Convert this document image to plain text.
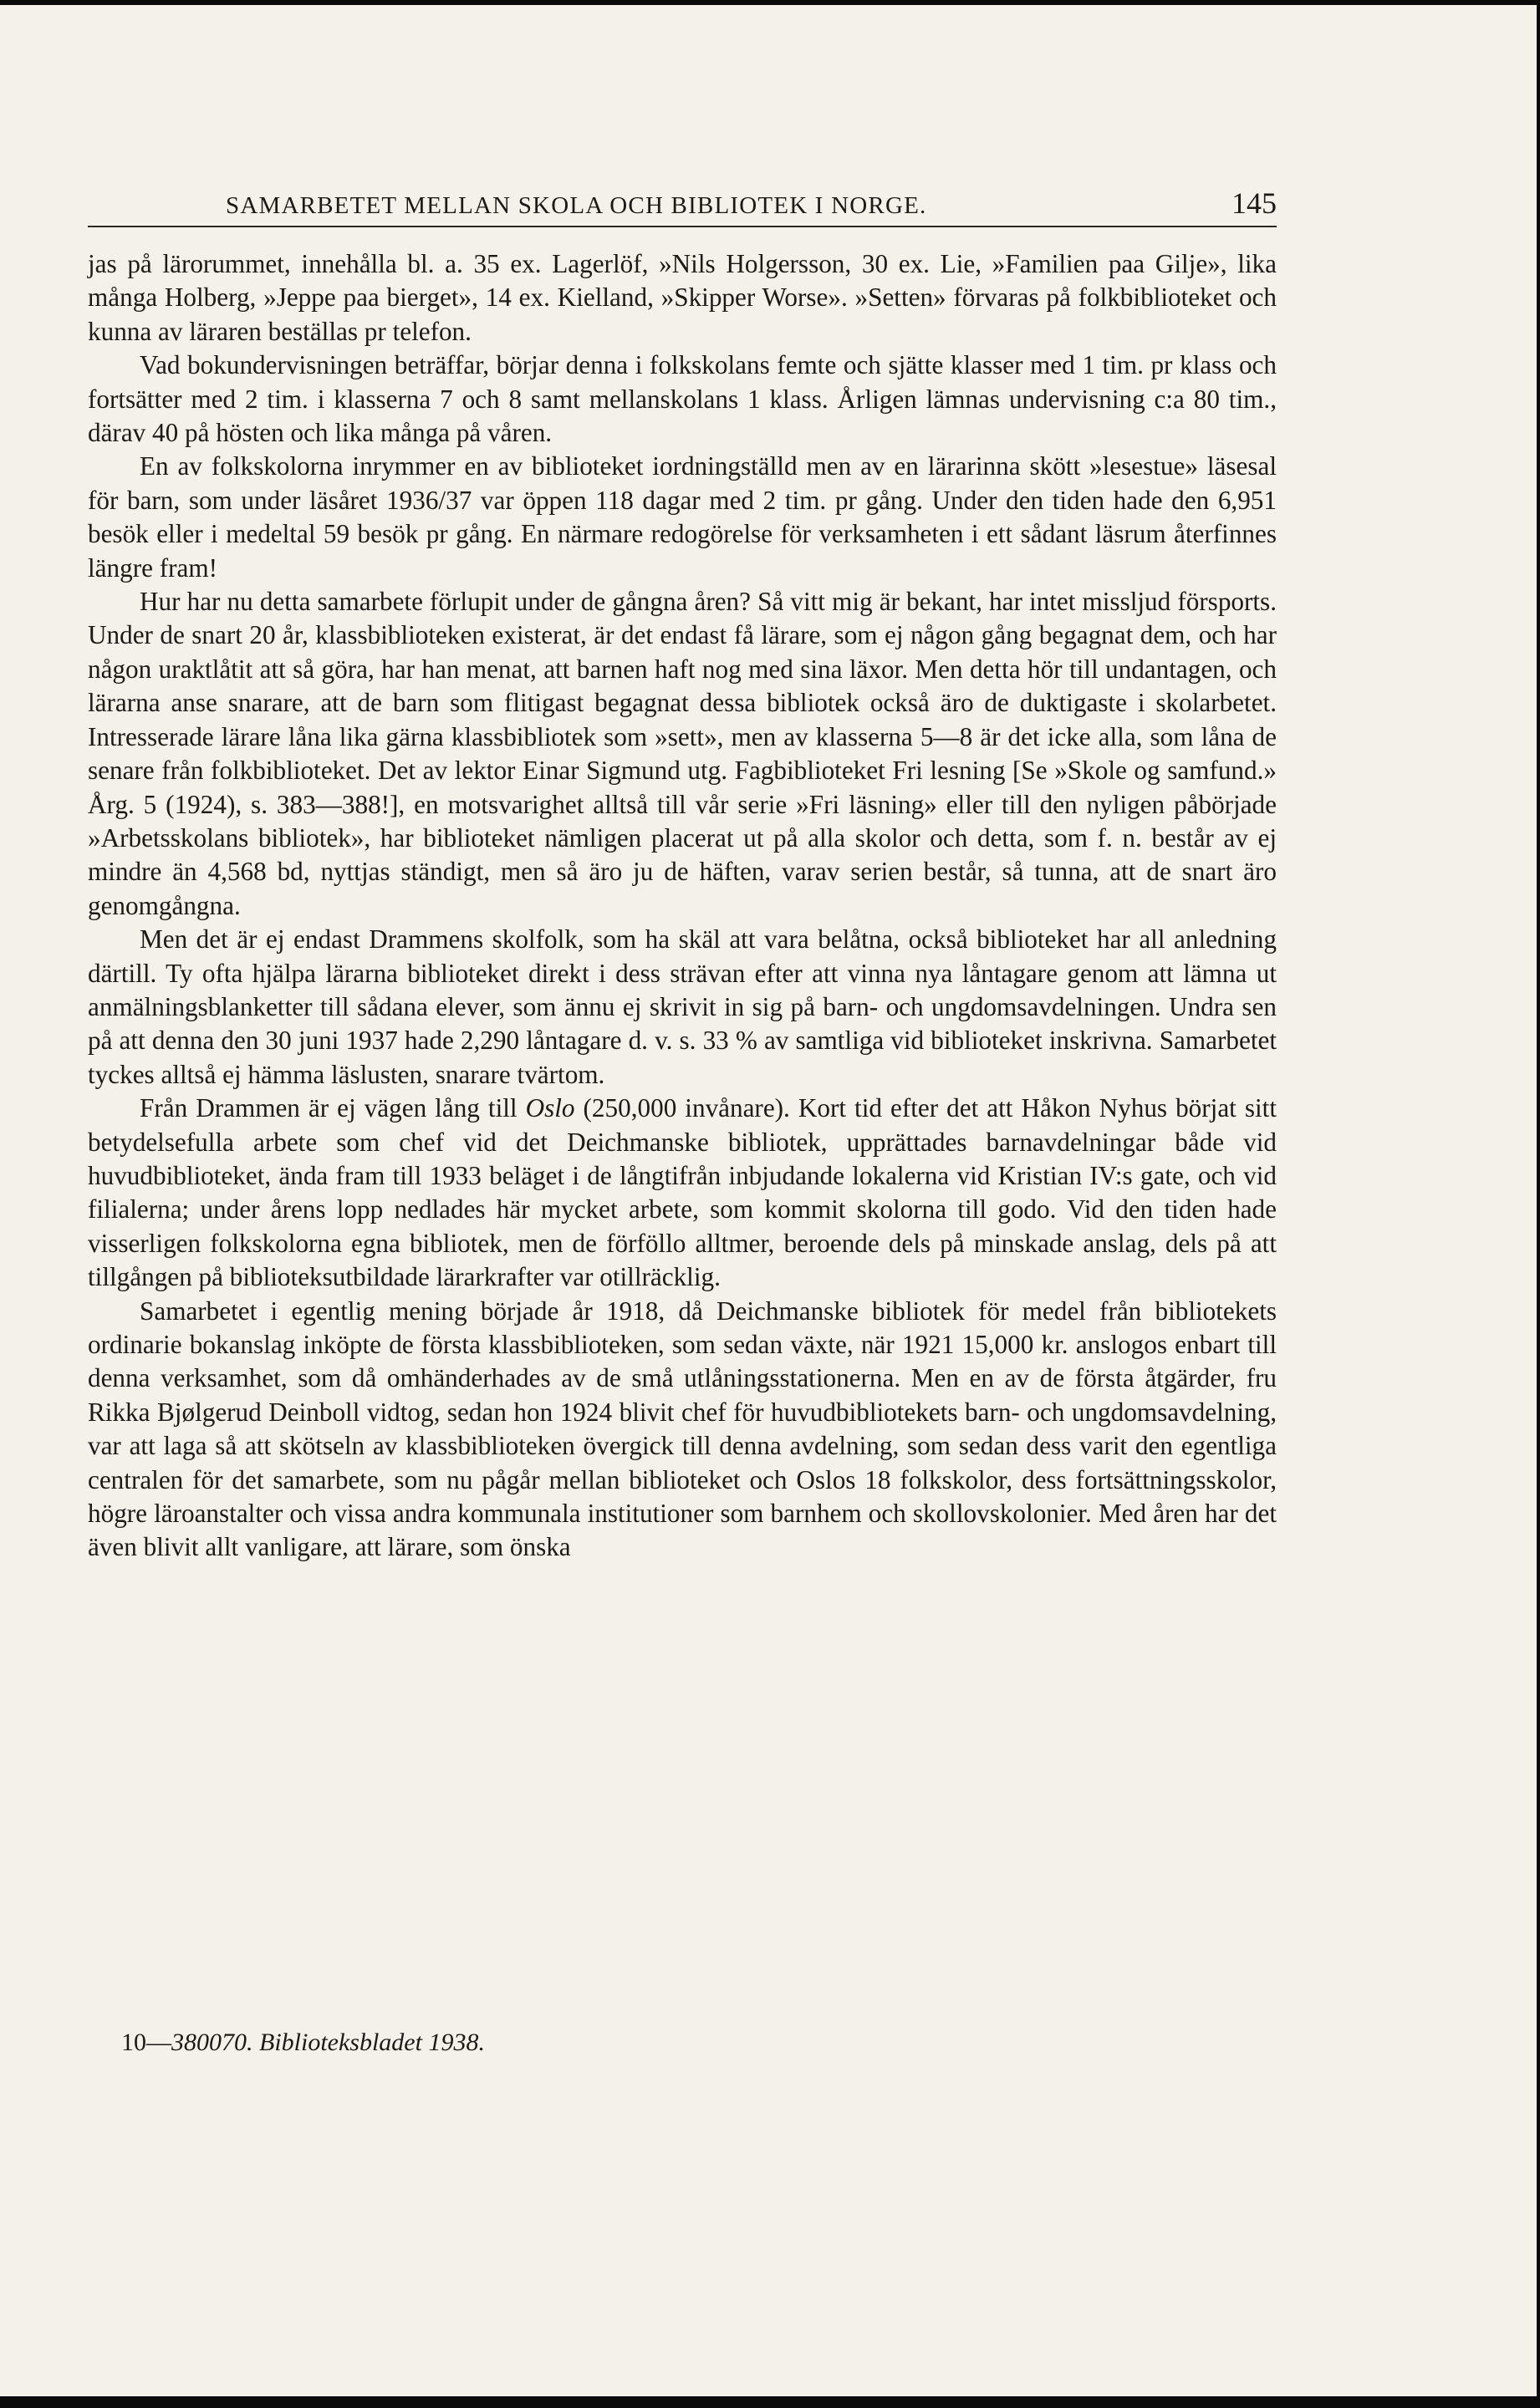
SAMARBETET MELLAN SKOLA OCH BIBLIOTEK I NORGE.	145

jas på lärorummet, innehålla bl. a. 35 ex. Lagerlöf, »Nils Holgersson, 30 ex. Lie, »Familien paa Gilje», lika många Holberg, »Jeppe paa bierget», 14 ex. Kielland, »Skipper Worse». »Setten» förvaras på folkbiblioteket och kunna av läraren beställas pr telefon.

Vad bokundervisningen beträffar, börjar denna i folkskolans femte och sjätte klasser med 1 tim. pr klass och fortsätter med 2 tim. i klasserna 7 och 8 samt mellanskolans 1 klass. Årligen lämnas undervisning c:a 80 tim., därav 40 på hösten och lika många på våren.

En av folkskolorna inrymmer en av biblioteket iordningställd men av en lärarinna skött »lesestue» läsesal för barn, som under läsåret 1936/37 var öppen 118 dagar med 2 tim. pr gång. Under den tiden hade den 6,951 besök eller i medeltal 59 besök pr gång. En närmare redogörelse för verksamheten i ett sådant läsrum återfinnes längre fram!

Hur har nu detta samarbete förlupit under de gångna åren? Så vitt mig är bekant, har intet missljud försports. Under de snart 20 år, klassbiblioteken existerat, är det endast få lärare, som ej någon gång begagnat dem, och har någon uraktlåtit att så göra, har han menat, att barnen haft nog med sina läxor. Men detta hör till undantagen, och lärarna anse snarare, att de barn som flitigast begagnat dessa bibliotek också äro de duktigaste i skolarbetet. Intresserade lärare låna lika gärna klassbibliotek som »sett», men av klasserna 5—8 är det icke alla, som låna de senare från folkbiblioteket. Det av lektor Einar Sigmund utg. Fagbiblioteket Fri lesning [Se »Skole og samfund.» Årg. 5 (1924), s. 383—388!], en motsvarighet alltså till vår serie »Fri läsning» eller till den nyligen påbörjade »Arbetsskolans bibliotek», har biblioteket nämligen placerat ut på alla skolor och detta, som f. n. består av ej mindre än 4,568 bd, nyttjas ständigt, men så äro ju de häften, varav serien består, så tunna, att de snart äro genomgångna.

Men det är ej endast Drammens skolfolk, som ha skäl att vara belåtna, också biblioteket har all anledning därtill. Ty ofta hjälpa lärarna biblioteket direkt i dess strävan efter att vinna nya låntagare genom att lämna ut anmälningsblanketter till sådana elever, som ännu ej skrivit in sig på barn- och ungdomsavdelningen. Undra sen på att denna den 30 juni 1937 hade 2,290 låntagare d. v. s. 33 % av samtliga vid biblioteket inskrivna. Samarbetet tyckes alltså ej hämma läslusten, snarare tvärtom.

Från Drammen är ej vägen lång till Oslo (250,000 invånare). Kort tid efter det att Håkon Nyhus börjat sitt betydelsefulla arbete som chef vid det Deichmanske bibliotek, upprättades barnavdelningar både vid huvudbiblioteket, ända fram till 1933 beläget i de långtifrån inbjudande lokalerna vid Kristian IV:s gate, och vid filialerna; under årens lopp nedlades här mycket arbete, som kommit skolorna till godo. Vid den tiden hade visserligen folkskolorna egna bibliotek, men de förföllo alltmer, beroende dels på minskade anslag, dels på att tillgången på biblioteksutbildade lärarkrafter var otillräcklig.

Samarbetet i egentlig mening började år 1918, då Deichmanske bibliotek för medel från bibliotekets ordinarie bokanslag inköpte de första klassbiblioteken, som sedan växte, när 1921 15,000 kr. anslogos enbart till denna verksamhet, som då omhänderhades av de små utlåningsstationerna. Men en av de första åtgärder, fru Rikka Bjølgerud Deinboll vidtog, sedan hon 1924 blivit chef för huvudbibliotekets barn- och ungdomsavdelning, var att laga så att skötseln av klassbiblioteken övergick till denna avdelning, som sedan dess varit den egentliga centralen för det samarbete, som nu pågår mellan biblioteket och Oslos 18 folkskolor, dess fortsättningsskolor, högre läroanstalter och vissa andra kommunala institutioner som barnhem och skollovskolonier. Med åren har det även blivit allt vanligare, att lärare, som önska

10—380070. Biblioteksbladet 1938.
